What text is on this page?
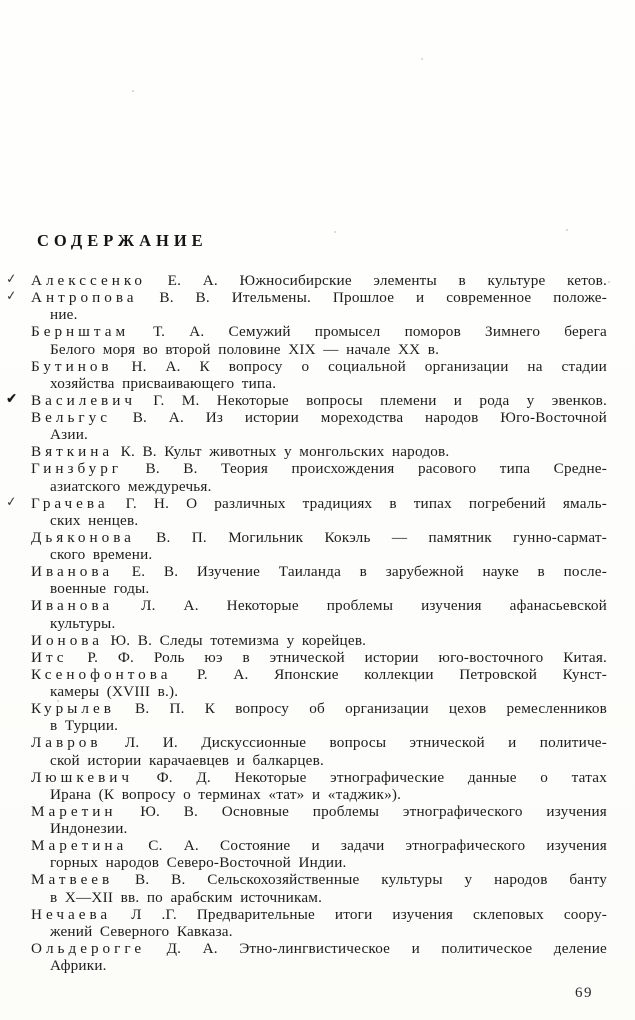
СОДЕРЖАНИЕ
✓ Алекссенко Е. А. Южносибирские элементы в культуре кетов.
✓ Антропова В. В. Ительмены. Прошлое и современное положе-
ние.
Бернштам Т. А. Семужий промысел поморов Зимнего берега
Белого моря во второй половине XIX — начале XX в.
Бутинов Н. А. К вопросу о социальной организации на стадии
хозяйства присваивающего типа.
✔ Василевич Г. М. Некоторые вопросы племени и рода у эвенков.
Вельгус В. А. Из истории мореходства народов Юго-Восточной
Азии.
Вяткина К. В. Культ животных у монгольских народов.
Гинзбург В. В. Теория происхождения расового типа Средне-
азиатского междуречья.
✓ Грачева Г. Н. О различных традициях в типах погребений ямаль-
ских ненцев.
Дьяконова В. П. Могильник Кокэль — памятник гунно-сармат-
ского времени.
Иванова Е. В. Изучение Таиланда в зарубежной науке в после-
военные годы.
Иванова Л. А. Некоторые проблемы изучения афанасьевской
культуры.
Ионова Ю. В. Следы тотемизма у корейцев.
Итс Р. Ф. Роль юэ в этнической истории юго-восточного Китая.
Ксенофонтова Р. А. Японские коллекции Петровской Кунст-
камеры (XVIII в.).
Курылев В. П. К вопросу об организации цехов ремесленников
в Турции.
Лавров Л. И. Дискуссионные вопросы этнической и политиче-
ской истории карачаевцев и балкарцев.
Люшкевич Ф. Д. Некоторые этнографические данные о татах
Ирана (К вопросу о терминах «тат» и «таджик»).
Маретин Ю. В. Основные проблемы этнографического изучения
Индонезии.
Маретина С. А. Состояние и задачи этнографического изучения
горных народов Северо-Восточной Индии.
Матвеев В. В. Сельскохозяйственные культуры у народов банту
в X—XII вв. по арабским источникам.
Нечаева Л .Г. Предварительные итоги изучения склеповых соору-
жений Северного Кавказа.
Ольдерогге Д. А. Этно-лингвистическое и политическое деление
Африки.
69
